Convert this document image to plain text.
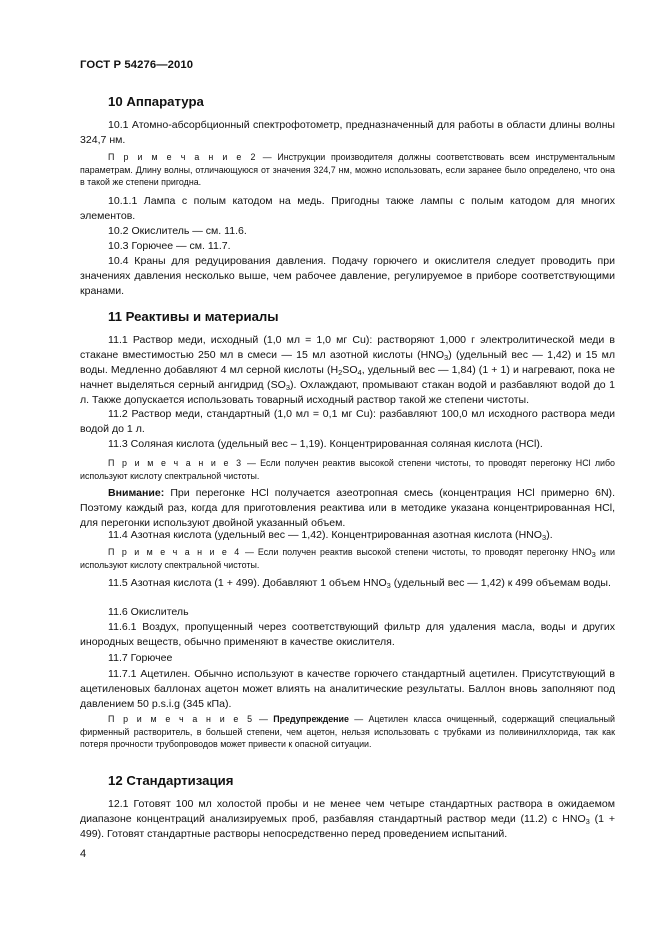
ГОСТ Р 54276—2010
10 Аппаратура
10.1 Атомно-абсорбционный спектрофотометр, предназначенный для работы в области длины волны 324,7 нм.
П р и м е ч а н и е 2 — Инструкции производителя должны соответствовать всем инструментальным параметрам. Длину волны, отличающуюся от значения 324,7 нм, можно использовать, если заранее было определено, что она в такой же степени пригодна.
10.1.1 Лампа с полым катодом на медь. Пригодны также лампы с полым катодом для многих элементов.
10.2 Окислитель — см. 11.6.
10.3 Горючее — см. 11.7.
10.4 Краны для редуцирования давления. Подачу горючего и окислителя следует проводить при значениях давления несколько выше, чем рабочее давление, регулируемое в приборе соответствующими кранами.
11 Реактивы и материалы
11.1 Раствор меди, исходный (1,0 мл = 1,0 мг Cu): растворяют 1,000 г электролитической меди в стакане вместимостью 250 мл в смеси — 15 мл азотной кислоты $(HNO_3)$ (удельный вес — 1,42) и 15 мл воды. Медленно добавляют 4 мл серной кислоты ($H_2SO_4$, удельный вес — 1,84) (1 + 1) и нагревают, пока не начнет выделяться серный ангидрид $(SO_3)$. Охлаждают, промывают стакан водой и разбавляют водой до 1 л. Также допускается использовать товарный исходный раствор такой же степени чистоты.
11.2 Раствор меди, стандартный (1,0 мл = 0,1 мг Cu): разбавляют 100,0 мл исходного раствора меди водой до 1 л.
11.3 Соляная кислота (удельный вес – 1,19). Концентрированная соляная кислота (HCl).
П р и м е ч а н и е 3 — Если получен реактив высокой степени чистоты, то проводят перегонку HCl либо используют кислоту спектральной чистоты.
Внимание: При перегонке HCl получается азеотропная смесь (концентрация HCl примерно 6N). Поэтому каждый раз, когда для приготовления реактива или в методике указана концентрированная HCl, для перегонки используют двойной указанный объем.
11.4 Азотная кислота (удельный вес — 1,42). Концентрированная азотная кислота $(HNO_3)$.
П р и м е ч а н и е 4 — Если получен реактив высокой степени чистоты, то проводят перегонку $HNO_3$ или используют кислоту спектральной чистоты.
11.5 Азотная кислота (1 + 499). Добавляют 1 объем $HNO_3$ (удельный вес — 1,42) к 499 объемам воды.
11.6 Окислитель
11.6.1 Воздух, пропущенный через соответствующий фильтр для удаления масла, воды и других инородных веществ, обычно применяют в качестве окислителя.
11.7 Горючее
11.7.1 Ацетилен. Обычно используют в качестве горючего стандартный ацетилен. Присутствующий в ацетиленовых баллонах ацетон может влиять на аналитические результаты. Баллон вновь заполняют под давлением 50 p.s.i.g (345 кПа).
П р и м е ч а н и е 5 — Предупреждение — Ацетилен класса очищенный, содержащий специальный фирменный растворитель, в большей степени, чем ацетон, нельзя использовать с трубками из поливинилхлорида, так как потеря прочности трубопроводов может привести к опасной ситуации.
12 Стандартизация
12.1 Готовят 100 мл холостой пробы и не менее чем четыре стандартных раствора в ожидаемом диапазоне концентраций анализируемых проб, разбавляя стандартный раствор меди (11.2) с $HNO_3$ (1 + 499). Готовят стандартные растворы непосредственно перед проведением испытаний.
4
